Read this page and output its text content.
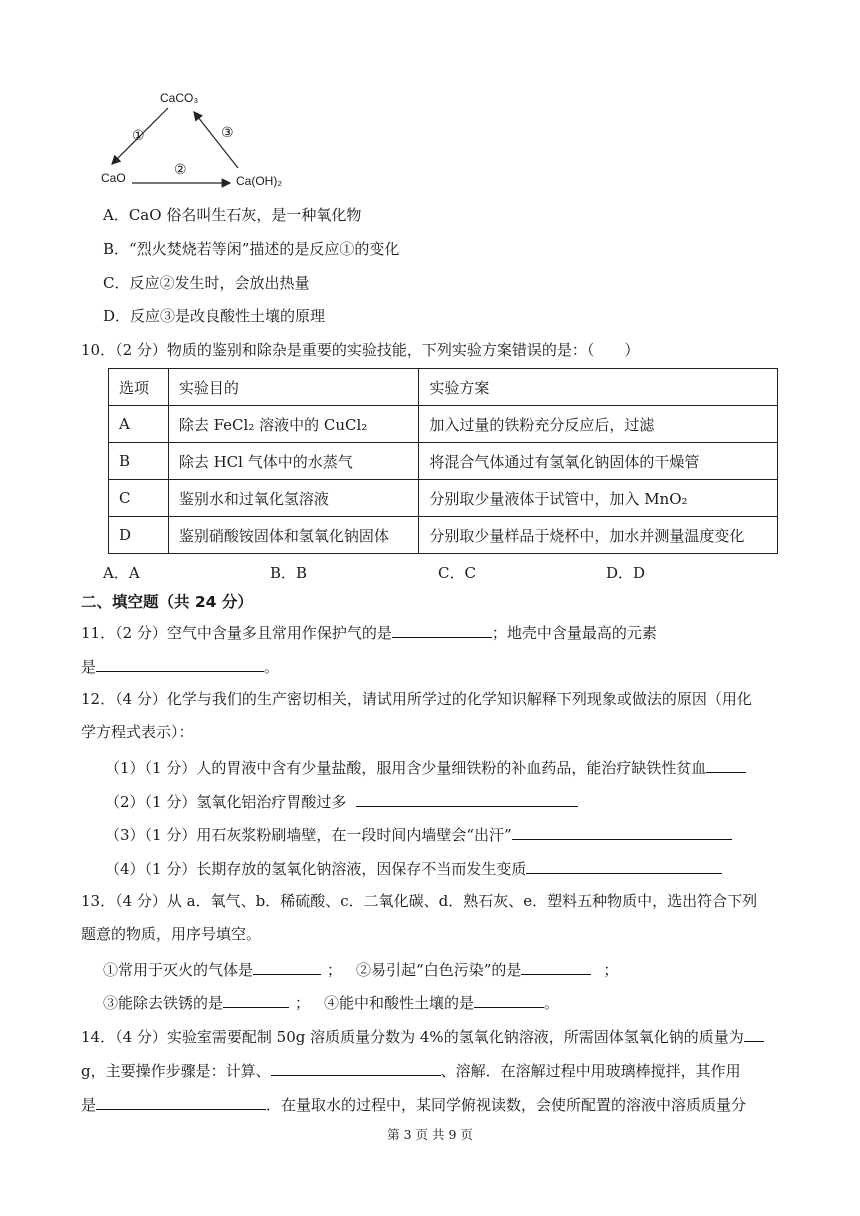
CaCO₃
CaO	Ca(OH)₂
①
②
③
A．CaO 俗名叫生石灰，是一种氧化物
B．“烈火焚烧若等闲”描述的是反应①的变化
C．反应②发生时，会放出热量
D．反应③是改良酸性土壤的原理
10．（2 分）物质的鉴别和除杂是重要的实验技能，下列实验方案错误的是：（　　）
选项	实验目的	实验方案
A	除去 FeCl₂ 溶液中的 CuCl₂	加入过量的铁粉充分反应后，过滤
B	除去 HCl 气体中的水蒸气	将混合气体通过有氢氧化钠固体的干燥管
C	鉴别水和过氧化氢溶液	分别取少量液体于试管中，加入 MnO₂
D	鉴别硝酸铵固体和氢氧化钠固体	分别取少量样品于烧杯中，加水并测量温度变化
A．A	B．B	C．C	D．D
二、填空题（共 24 分）
11．（2 分）空气中含量多且常用作保护气的是	；地壳中含量最高的元素
是	。
12．（4 分）化学与我们的生产密切相关，请试用所学过的化学知识解释下列现象或做法的原因（用化
学方程式表示）：
（1）（1 分）人的胃液中含有少量盐酸，服用含少量细铁粉的补血药品，能治疗缺铁性贫血
（2）（1 分）氢氧化铝治疗胃酸过多
（3）（1 分）用石灰浆粉刷墙壁，在一段时间内墙壁会“出汗”
（4）（1 分）长期存放的氢氧化钠溶液，因保存不当而发生变质
13．（4 分）从 a．氧气、b．稀硫酸、c．二氧化碳、d．熟石灰、e．塑料五种物质中，选出符合下列
题意的物质，用序号填空。
①常用于灭火的气体是	； ②易引起“白色污染”的是	；
③能除去铁锈的是	； ④能中和酸性土壤的是	。
14．（4 分）实验室需要配制 50g 溶质质量分数为 4%的氢氧化钠溶液，所需固体氢氧化钠的质量为
g，主要操作步骤是：计算、	、溶解．在溶解过程中用玻璃棒搅拌，其作用
是	．在量取水的过程中，某同学俯视读数，会使所配置的溶液中溶质质量分
第 3 页 共 9 页
